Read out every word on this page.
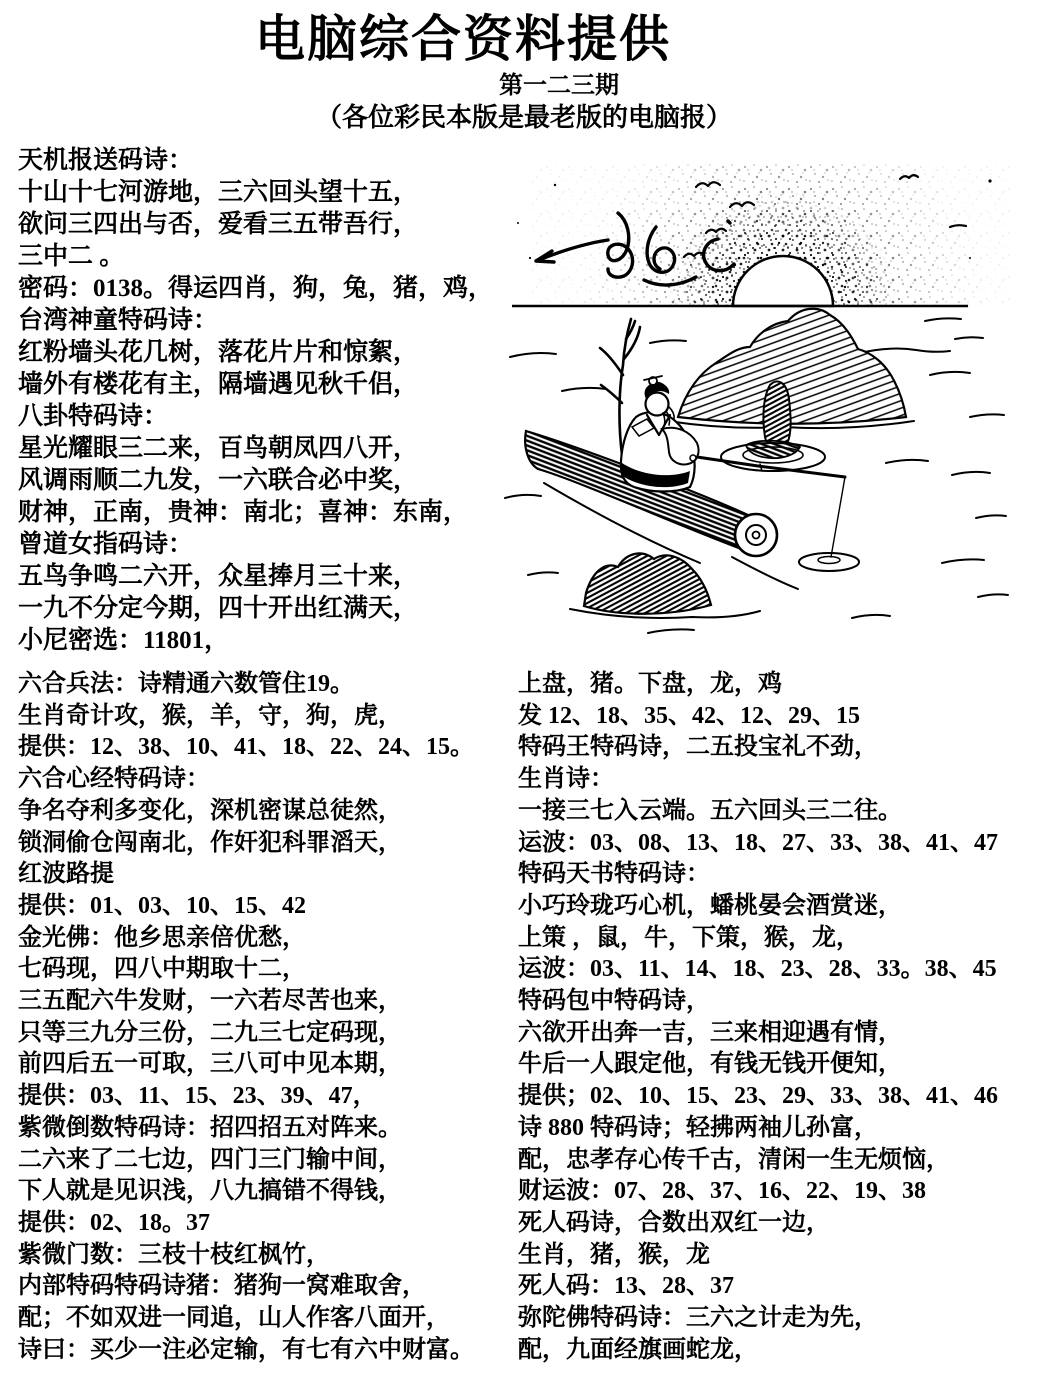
电脑综合资料提供
第一二三期
（各位彩民本版是最老版的电脑报）
天机报送码诗：
十山十七河游地，三六回头望十五，
欲问三四出与否，爱看三五带吾行，
三中二 。
密码：0138。得运四肖，狗，兔，猪，鸡，
台湾神童特码诗：
红粉墙头花几树，落花片片和惊絮，
墙外有楼花有主，隔墙遇见秋千侣，
八卦特码诗：
星光耀眼三二来，百鸟朝凤四八开，
风调雨顺二九发，一六联合必中奖，
财神，正南，贵神：南北；喜神：东南，
曾道女指码诗：
五鸟争鸣二六开，众星捧月三十来，
一九不分定今期，四十开出红满天，
小尼密选：11801，
六合兵法：诗精通六数管住19。
生肖奇计攻，猴，羊，守，狗，虎，
提供：12、38、10、41、18、22、24、15。
六合心经特码诗：
争名夺利多变化，深机密谋总徒然，
锁洞偷仓闯南北，作奸犯科罪滔天，
红波路提
提供：01、03、10、15、42
金光佛：他乡思亲倍优愁，
七码现，四八中期取十二，
三五配六牛发财，一六若尽苦也来，
只等三九分三份，二九三七定码现，
前四后五一可取，三八可中见本期，
提供：03、11、15、23、39、47，
紫微倒数特码诗：招四招五对阵来。
二六来了二七边，四门三门输中间，
下人就是见识浅，八九搞错不得钱，
提供：02、18。37
紫微门数：三枝十枝红枫竹，
内部特码特码诗猪：猪狗一窝难取舍，
配；不如双进一同追，山人作客八面开，
诗曰：买少一注必定输，有七有六中财富。
上盘，猪。下盘，龙，鸡
发 12、18、35、42、12、29、15
特码王特码诗，二五投宝礼不劲，
生肖诗：
一接三七入云端。五六回头三二往。
运波：03、08、13、18、27、33、38、41、47
特码天书特码诗：
小巧玲珑巧心机，蟠桃晏会酒赏迷，
上策 ，鼠，牛，下策，猴，龙，
运波：03、11、14、18、23、28、33。38、45
特码包中特码诗，
六欲开出奔一吉，三来相迎遇有情，
牛后一人跟定他，有钱无钱开便知，
提供；02、10、15、23、29、33、38、41、46
诗 880 特码诗；轻拂两袖儿孙富，
配，忠孝存心传千古，清闲一生无烦恼，
财运波：07、28、37、16、22、19、38
死人码诗，合数出双红一边，
生肖，猪，猴，龙
死人码：13、28、37
弥陀佛特码诗：三六之计走为先，
配，九面经旗画蛇龙，
